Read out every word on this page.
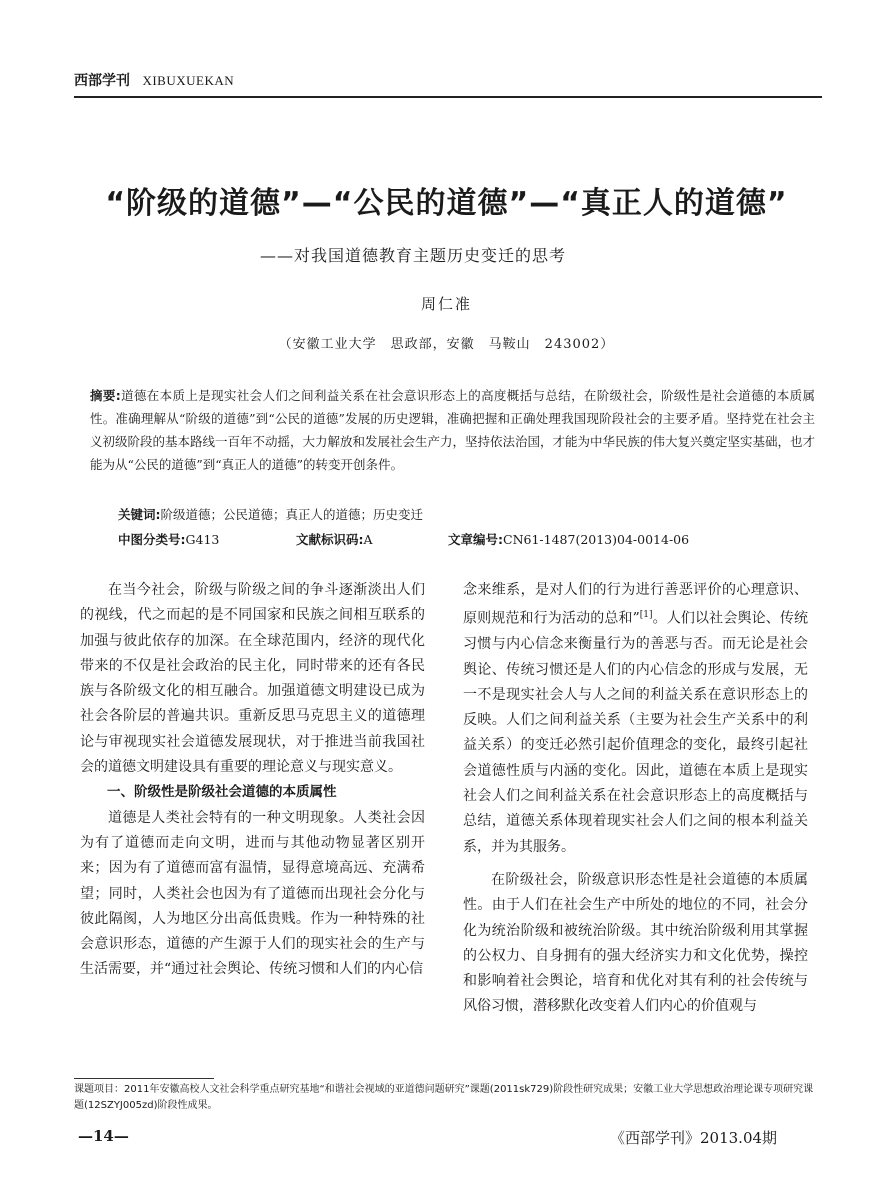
西部学刊 XIBUXUEKAN
“阶级的道德”—“公民的道德”—“真正人的道德”
——对我国道德教育主题历史变迁的思考
周仁准
（安徽工业大学　思政部，安徽　马鞍山　243002）
摘要:道德在本质上是现实社会人们之间利益关系在社会意识形态上的高度概括与总结，在阶级社会，阶级性是社会道德的本质属性。准确理解从“阶级的道德”到“公民的道德”发展的历史逻辑，准确把握和正确处理我国现阶段社会的主要矛盾。坚持党在社会主义初级阶段的基本路线一百年不动摇，大力解放和发展社会生产力，坚持依法治国，才能为中华民族的伟大复兴奠定坚实基础，也才能为从“公民的道德”到“真正人的道德”的转变开创条件。
关键词:阶级道德；公民道德；真正人的道德；历史变迁
中图分类号:G413	文献标识码:A	文章编号:CN61-1487(2013)04-0014-06

在当今社会，阶级与阶级之间的争斗逐渐淡出人们的视线，代之而起的是不同国家和民族之间相互联系的加强与彼此依存的加深。在全球范围内，经济的现代化带来的不仅是社会政治的民主化，同时带来的还有各民族与各阶级文化的相互融合。加强道德文明建设已成为社会各阶层的普遍共识。重新反思马克思主义的道德理论与审视现实社会道德发展现状，对于推进当前我国社会的道德文明建设具有重要的理论意义与现实意义。

一、阶级性是阶级社会道德的本质属性

道德是人类社会特有的一种文明现象。人类社会因为有了道德而走向文明，进而与其他动物显著区别开来；因为有了道德而富有温情，显得意境高远、充满希望；同时，人类社会也因为有了道德而出现社会分化与彼此隔阂，人为地区分出高低贵贱。作为一种特殊的社会意识形态，道德的产生源于人们的现实社会的生产与生活需要，并“通过社会舆论、传统习惯和人们的内心信

念来维系，是对人们的行为进行善恶评价的心理意识、原则规范和行为活动的总和”[1]。人们以社会舆论、传统习惯与内心信念来衡量行为的善恶与否。而无论是社会舆论、传统习惯还是人们的内心信念的形成与发展，无一不是现实社会人与人之间的利益关系在意识形态上的反映。人们之间利益关系（主要为社会生产关系中的利益关系）的变迁必然引起价值理念的变化，最终引起社会道德性质与内涵的变化。因此，道德在本质上是现实社会人们之间利益关系在社会意识形态上的高度概括与总结，道德关系体现着现实社会人们之间的根本利益关系，并为其服务。

在阶级社会，阶级意识形态性是社会道德的本质属性。由于人们在社会生产中所处的地位的不同，社会分化为统治阶级和被统治阶级。其中统治阶级利用其掌握的公权力、自身拥有的强大经济实力和文化优势，操控和影响着社会舆论，培育和优化对其有利的社会传统与风俗习惯，潜移默化改变着人们内心的价值观与

课题项目：2011年安徽高校人文社会科学重点研究基地“和谐社会视域的亚道德问题研究”课题(2011sk729)阶段性研究成果；安徽工业大学思想政治理论课专项研究课题(12SZYJ005zd)阶段性成果。
—14—	《西部学刊》2013.04期
